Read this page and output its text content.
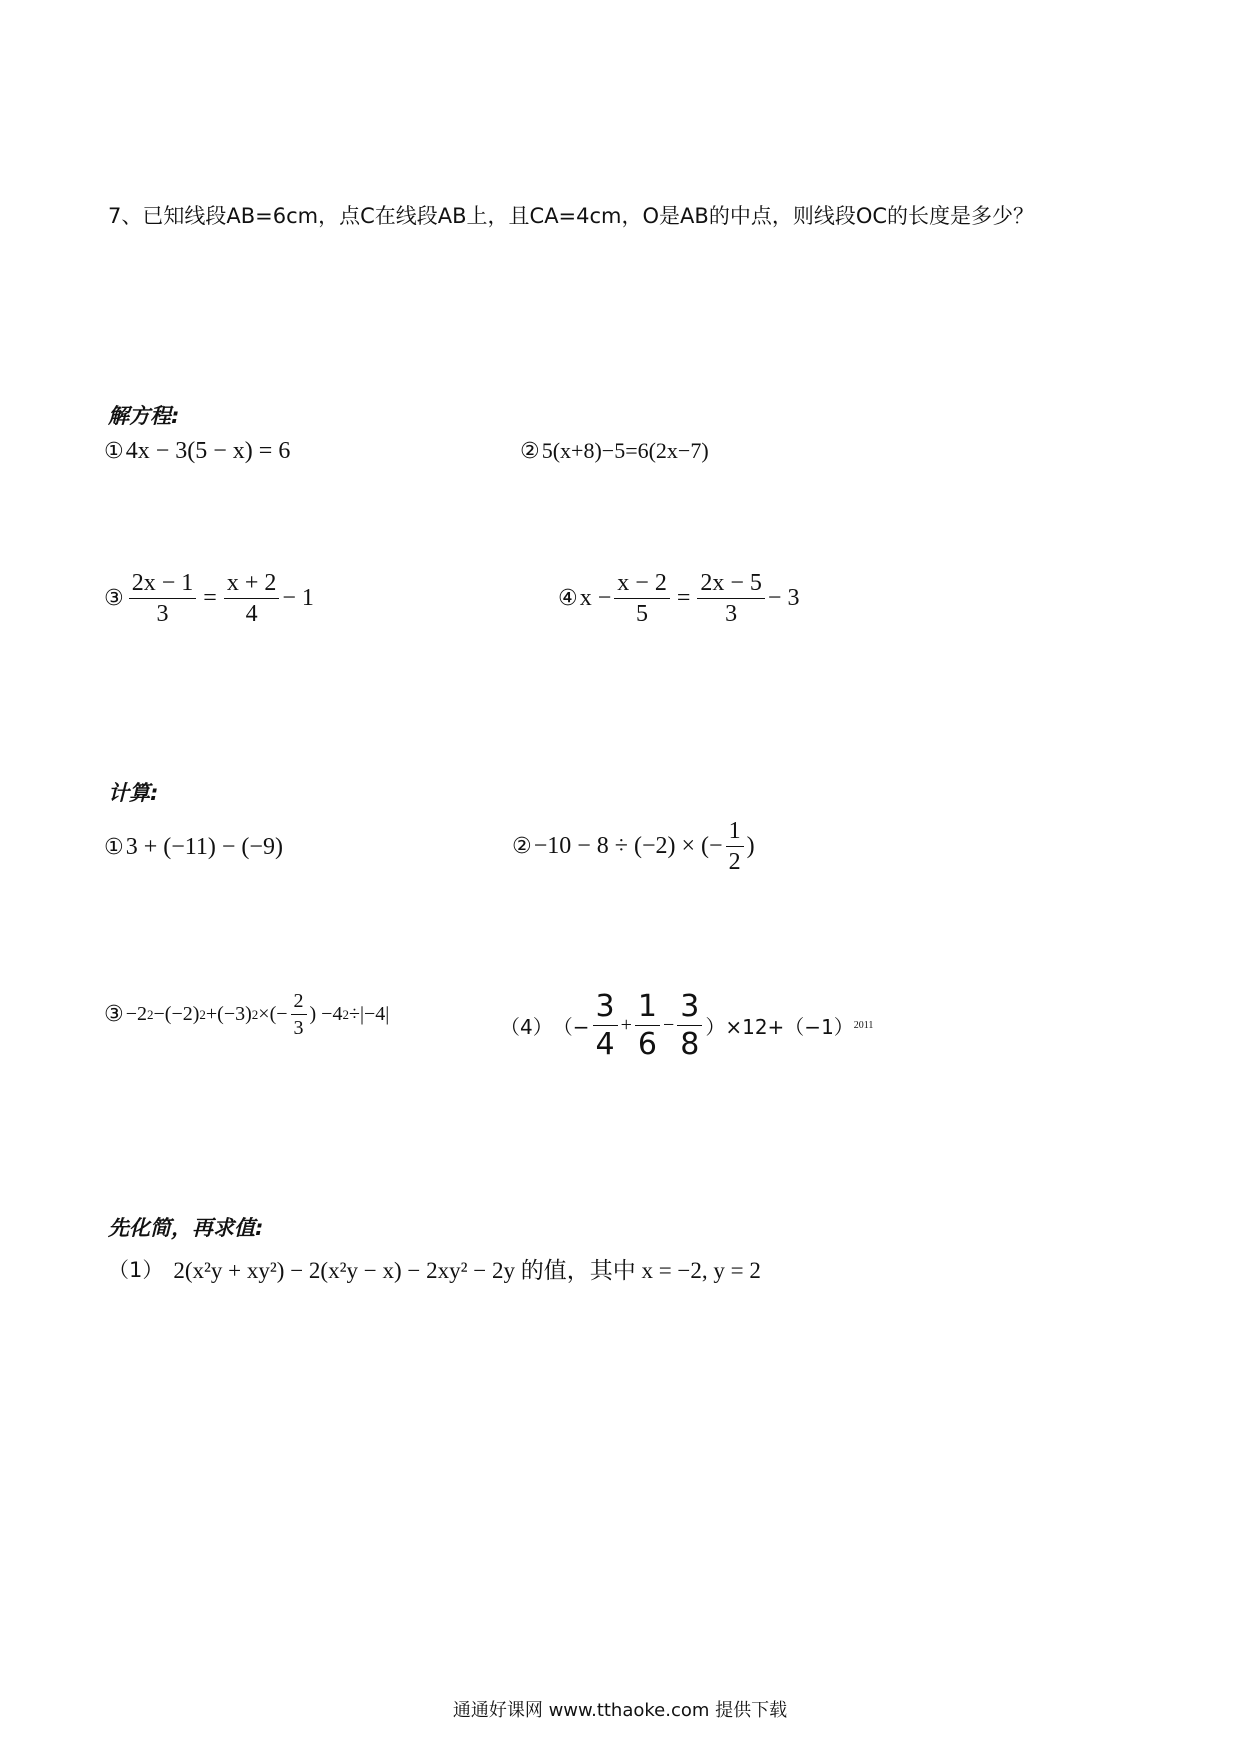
7、已知线段AB=6cm，点C在线段AB上，且CA=4cm，O是AB的中点，则线段OC的长度是多少？
解方程:
① 4x − 3(5 − x) = 6	② 5(x+8)−5=6(2x−7)
③ $\frac{2x - 1}{3} = \frac{x + 2}{4} - 1$	④ $x - \frac{x - 2}{5} = \frac{2x - 5}{3} - 3$
计算:
① 3 + (−11) − (−9)	② −10 − 8 ÷ (−2) × (− $\frac{1}{2}$ )
③ −2 2 −(−2) 2 +(−3) 2 ×(− $\frac{2}{3}$ ) −4 2 ÷|−4|
（4） （− $\frac{3}{4} + \frac{1}{6} - \frac{3}{8} )\times 12+(-1)$ 2011
先化简，再求值:
（1） 2(x²y + xy²) − 2(x²y − x) − 2xy² − 2y 的值，其中 x = −2, y = 2
通通好课网 www.tthaoke.com 提供下载
